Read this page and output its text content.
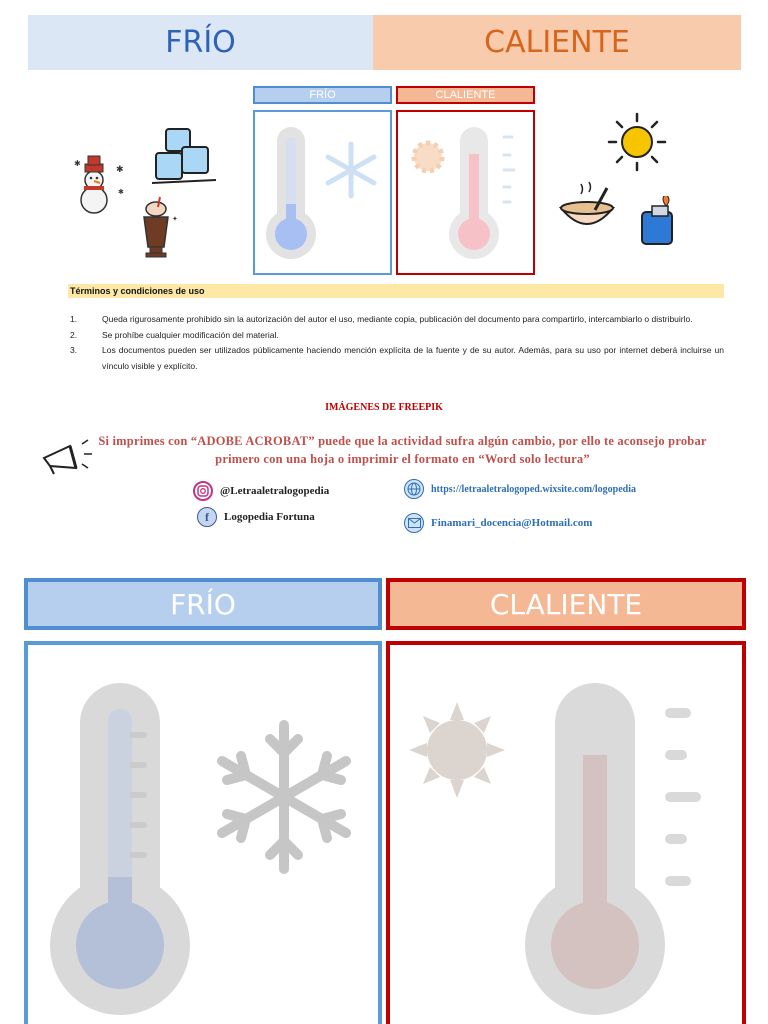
FRÍO	CALIENTE
✱
✱
✱
✦
FRÍO	CLALIENTE
Términos y condiciones de uso
1.	Queda rigurosamente prohibido sin la autorización del autor el uso, mediante copia, publicación del documento para compartirlo, intercambiarlo o distribuirlo.
2.	Se prohíbe cualquier modificación del material.
3.	Los documentos pueden ser utilizados públicamente haciendo mención explícita de la fuente y de su autor. Además, para su uso por internet deberá incluirse un vínculo visible y explícito.
IMÁGENES DE FREEPIK
Si imprimes con “ADOBE ACROBAT” puede que la actividad sufra algún cambio, por ello te aconsejo probar primero con una hoja o imprimir el formato en “Word solo lectura”
@Letraaletralogopedia
f	Logopedia Fortuna
https://letraaletralogoped.wixsite.com/logopedia
Finamari_docencia@Hotmail.com
FRÍO	CLALIENTE
